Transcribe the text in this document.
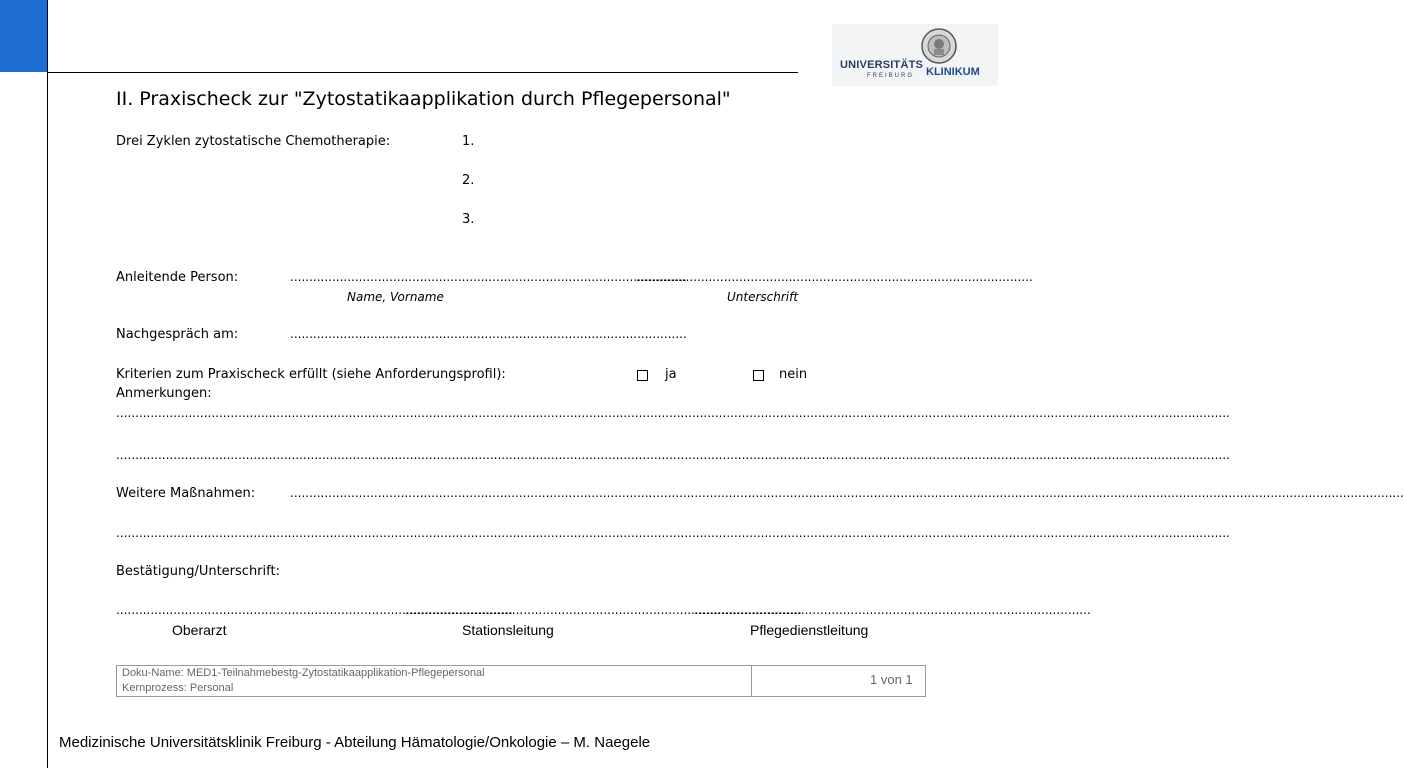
UNIVERSITÄTS
FREIBURG KLINIKUM
II. Praxischeck zur "Zytostatikaapplikation durch Pflegepersonal"
Drei Zyklen zytostatische Chemotherapie:	1.
2.
3.
Anleitende Person:	........................................................................................................
........................................................................................................
Name, Vorname	Unterschrift
Nachgespräch am:	........................................................................................................
Kriterien zum Praxischeck erfüllt (siehe Anforderungsprofil):	ja	nein
Anmerkungen:
....................................................................................................................................................................................................................................................................................................
....................................................................................................................................................................................................................................................................................................
Weitere Maßnahmen:	....................................................................................................................................................................................................................................................................................................
....................................................................................................................................................................................................................................................................................................
Bestätigung/Unterschrift:
........................................................................................................
........................................................................................................
........................................................................................................
Oberarzt	Stationsleitung	Pflegedienstleitung
Doku-Name: MED1-Teilnahmebestg-Zytostatikaapplikation-Pflegepersonal
Kernprozess: Personal
1 von 1
Medizinische Universitätsklinik Freiburg - Abteilung Hämatologie/Onkologie – M. Naegele
